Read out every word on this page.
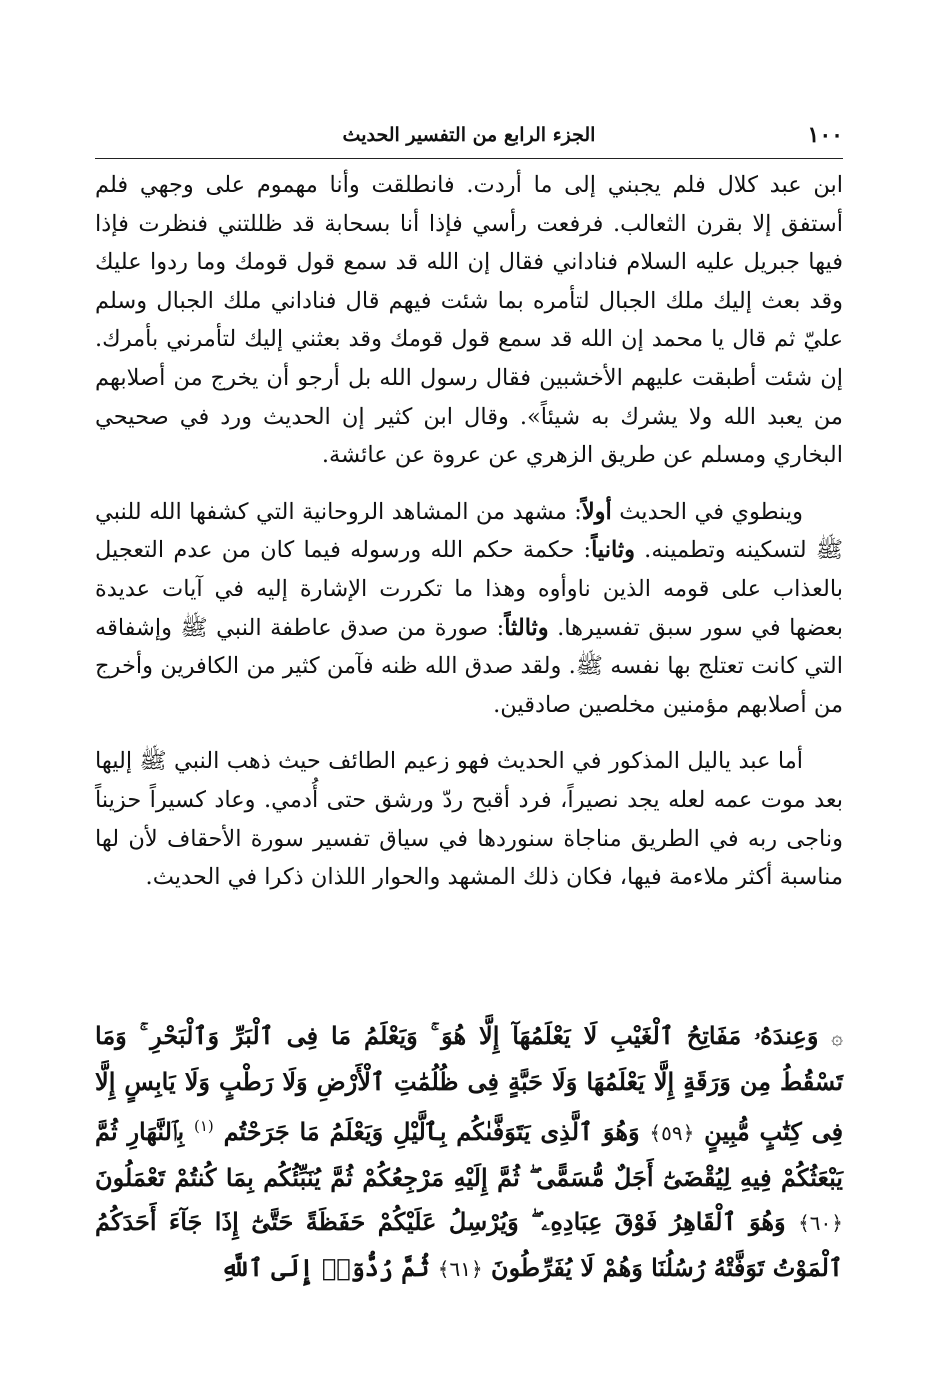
١٠٠
الجزء الرابع من التفسير الحديث

ابن عبد كلال فلم يجبني إلى ما أردت. فانطلقت وأنا مهموم على وجهي فلم أستفق إلا بقرن الثعالب. فرفعت رأسي فإذا أنا بسحابة قد ظللتني فنظرت فإذا فيها جبريل عليه السلام فناداني فقال إن الله قد سمع قول قومك وما ردوا عليك وقد بعث إليك ملك الجبال لتأمره بما شئت فيهم قال فناداني ملك الجبال وسلم عليّ ثم قال يا محمد إن الله قد سمع قول قومك وقد بعثني إليك لتأمرني بأمرك. إن شئت أطبقت عليهم الأخشبين فقال رسول الله بل أرجو أن يخرج من أصلابهم من يعبد الله ولا يشرك به شيئاً». وقال ابن كثير إن الحديث ورد في صحيحي البخاري ومسلم عن طريق الزهري عن عروة عن عائشة.

وينطوي في الحديث أولاً: مشهد من المشاهد الروحانية التي كشفها الله للنبي ﷺ لتسكينه وتطمينه. وثانياً: حكمة حكم الله ورسوله فيما كان من عدم التعجيل بالعذاب على قومه الذين ناوأوه وهذا ما تكررت الإشارة إليه في آيات عديدة بعضها في سور سبق تفسيرها. وثالثاً: صورة من صدق عاطفة النبي ﷺ وإشفاقه التي كانت تعتلج بها نفسه ﷺ. ولقد صدق الله ظنه فآمن كثير من الكافرين وأخرج من أصلابهم مؤمنين مخلصين صادقين.

أما عبد ياليل المذكور في الحديث فهو زعيم الطائف حيث ذهب النبي ﷺ إليها بعد موت عمه لعله يجد نصيراً، فرد أقبح ردّ ورشق حتى أُدمي. وعاد كسيراً حزيناً وناجى ربه في الطريق مناجاة سنوردها في سياق تفسير سورة الأحقاف لأن لها مناسبة أكثر ملاءمة فيها، فكان ذلك المشهد والحوار اللذان ذكرا في الحديث.

۞ وَعِندَهُۥ مَفَاتِحُ ٱلْغَيْبِ لَا يَعْلَمُهَآ إِلَّا هُوَ ۚ وَيَعْلَمُ مَا فِى ٱلْبَرِّ وَٱلْبَحْرِ ۚ وَمَا تَسْقُطُ مِن وَرَقَةٍ إِلَّا يَعْلَمُهَا وَلَا حَبَّةٍ فِى ظُلُمَٰتِ ٱلْأَرْضِ وَلَا رَطْبٍ وَلَا يَابِسٍ إِلَّا فِى كِتَٰبٍ مُّبِينٍ ﴿٥٩﴾ وَهُوَ ٱلَّذِى يَتَوَفَّىٰكُم بِٱلَّيْلِ وَيَعْلَمُ مَا جَرَحْتُم $^{(١)}$ بِٱلنَّهَارِ ثُمَّ يَبْعَثُكُمْ فِيهِ لِيُقْضَىٰٓ أَجَلٌ مُّسَمًّى ۖ ثُمَّ إِلَيْهِ مَرْجِعُكُمْ ثُمَّ يُنَبِّئُكُم بِمَا كُنتُمْ تَعْمَلُونَ ﴿٦٠﴾ وَهُوَ ٱلْقَاهِرُ فَوْقَ عِبَادِهِۦ ۖ وَيُرْسِلُ عَلَيْكُمْ حَفَظَةً حَتَّىٰٓ إِذَا جَآءَ أَحَدَكُمُ ٱلْمَوْتُ تَوَفَّتْهُ رُسُلُنَا وَهُمْ لَا يُفَرِّطُونَ ﴿٦١﴾ ثُمَّ رُدُّوٓا۟ إِلَى ٱللَّهِ
